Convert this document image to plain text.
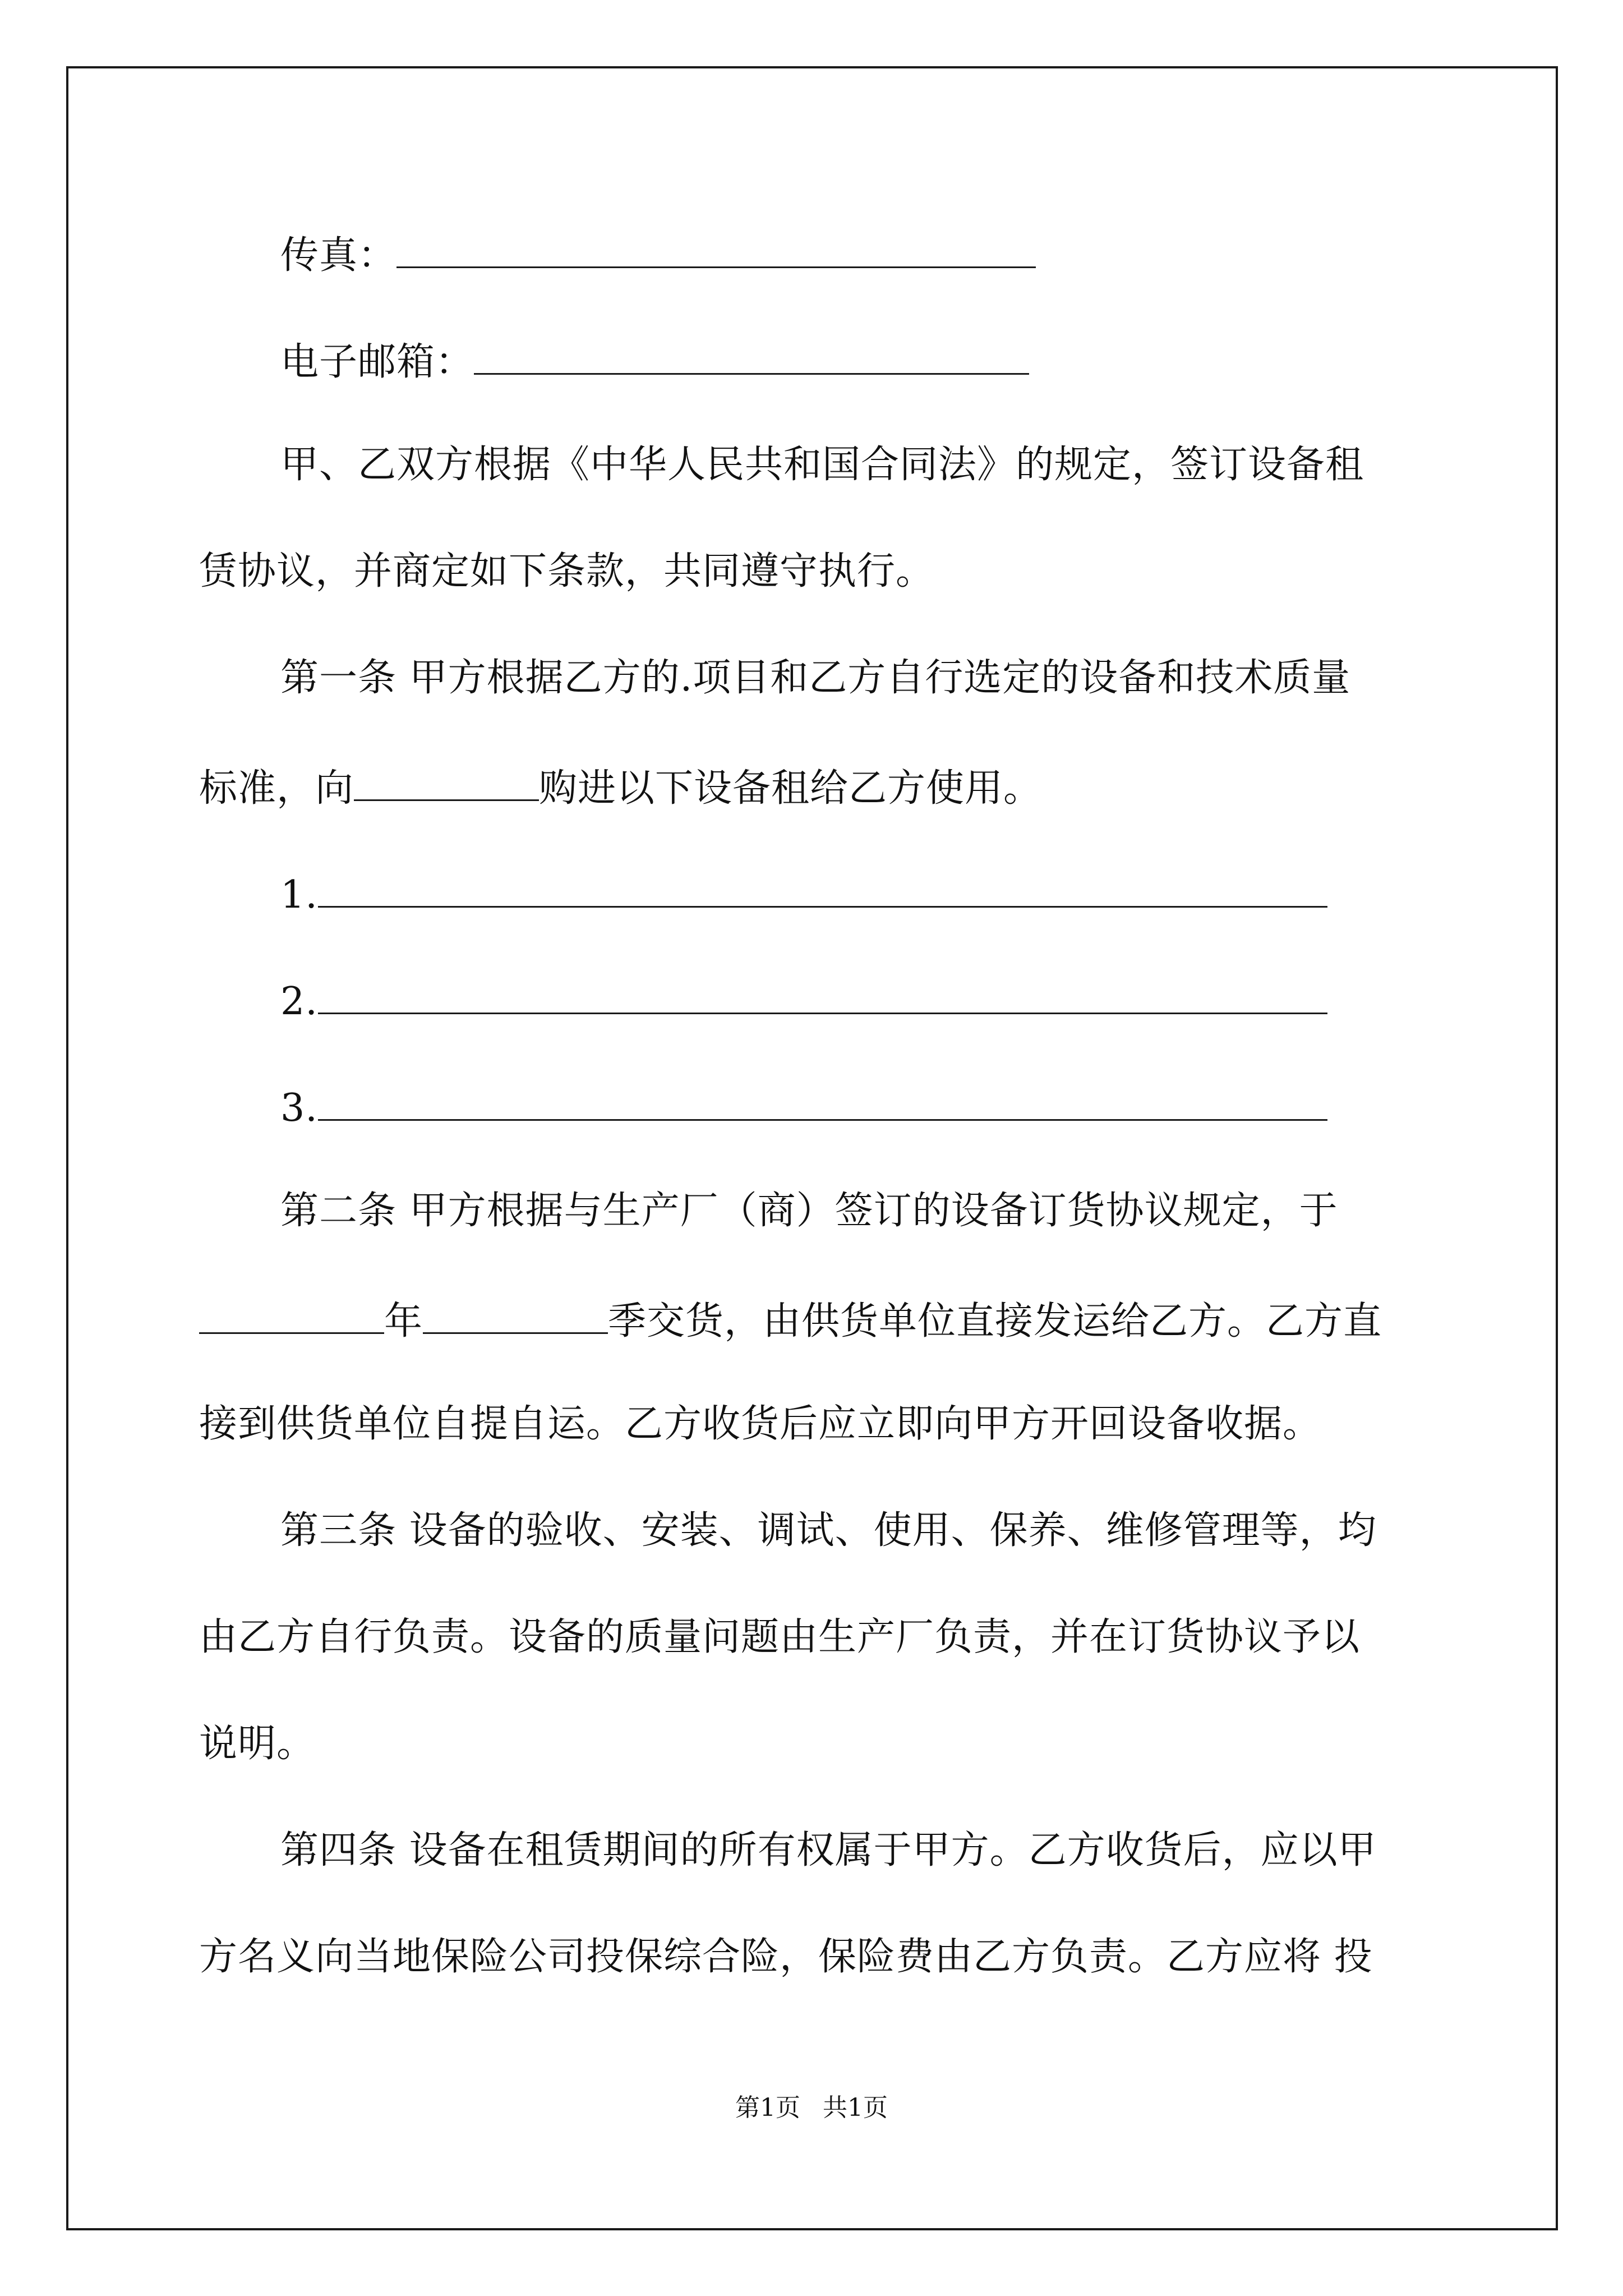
传真：
电子邮箱：
甲、乙双方根据《中华人民共和国合同法》的规定，签订设备租
赁协议，并商定如下条款，共同遵守执行。
第一条 甲方根据乙方的.项目和乙方自行选定的设备和技术质量
标准，向	购进以下设备租给乙方使用。
1.
2.
3.
第二条 甲方根据与生产厂（商）签订的设备订货协议规定，于
年	季交货，由供货单位直接发运给乙方。乙方直
接到供货单位自提自运。乙方收货后应立即向甲方开回设备收据。
第三条 设备的验收、安装、调试、使用、保养、维修管理等，均
由乙方自行负责。设备的质量问题由生产厂负责，并在订货协议予以
说明。
第四条 设备在租赁期间的所有权属于甲方。乙方收货后，应以甲
方名义向当地保险公司投保综合险，保险费由乙方负责。乙方应将 投
第1页 共1页
